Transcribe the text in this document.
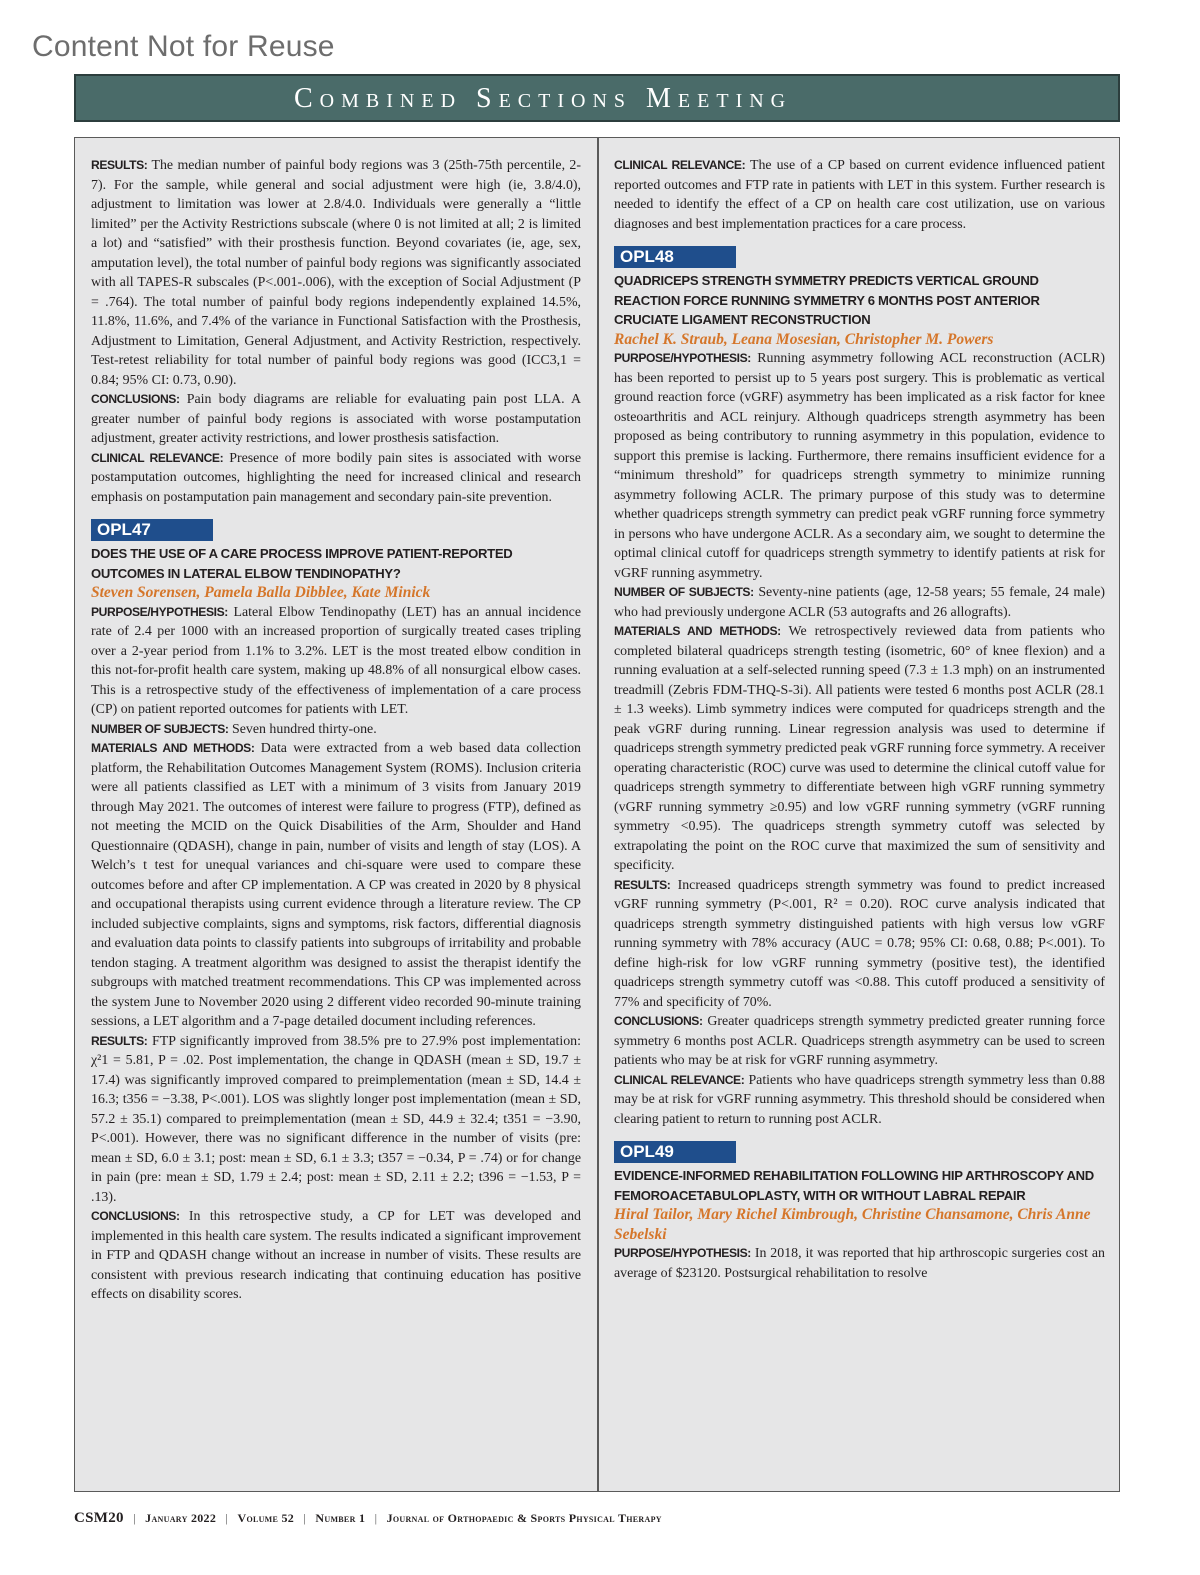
Content Not for Reuse
Combined Sections Meeting

RESULTS: The median number of painful body regions was 3 (25th-75th percentile, 2-7). For the sample, while general and social adjustment were high (ie, 3.8/4.0), adjustment to limitation was lower at 2.8/4.0. Individuals were generally a “little limited” per the Activity Restrictions subscale (where 0 is not limited at all; 2 is limited a lot) and “satisfied” with their prosthesis function. Beyond covariates (ie, age, sex, amputation level), the total number of painful body regions was significantly associated with all TAPES-R subscales (P<.001-.006), with the exception of Social Adjustment (P = .764). The total number of painful body regions independently explained 14.5%, 11.8%, 11.6%, and 7.4% of the variance in Functional Satisfaction with the Prosthesis, Adjustment to Limitation, General Adjustment, and Activity Restriction, respectively. Test-retest reliability for total number of painful body regions was good (ICC3,1 = 0.84; 95% CI: 0.73, 0.90).

CONCLUSIONS: Pain body diagrams are reliable for evaluating pain post LLA. A greater number of painful body regions is associated with worse postamputation adjustment, greater activity restrictions, and lower prosthesis satisfaction.

CLINICAL RELEVANCE: Presence of more bodily pain sites is associated with worse postamputation outcomes, highlighting the need for increased clinical and research emphasis on postamputation pain management and secondary pain-site prevention.

OPL47
DOES THE USE OF A CARE PROCESS IMPROVE PATIENT-REPORTED OUTCOMES IN LATERAL ELBOW TENDINOPATHY?
Steven Sorensen, Pamela Balla Dibblee, Kate Minick

PURPOSE/HYPOTHESIS: Lateral Elbow Tendinopathy (LET) has an annual incidence rate of 2.4 per 1000 with an increased proportion of surgically treated cases tripling over a 2-year period from 1.1% to 3.2%. LET is the most treated elbow condition in this not-for-profit health care system, making up 48.8% of all nonsurgical elbow cases. This is a retrospective study of the effectiveness of implementation of a care process (CP) on patient reported outcomes for patients with LET.

NUMBER OF SUBJECTS: Seven hundred thirty-one.

MATERIALS AND METHODS: Data were extracted from a web based data collection platform, the Rehabilitation Outcomes Management System (ROMS). Inclusion criteria were all patients classified as LET with a minimum of 3 visits from January 2019 through May 2021. The outcomes of interest were failure to progress (FTP), defined as not meeting the MCID on the Quick Disabilities of the Arm, Shoulder and Hand Questionnaire (QDASH), change in pain, number of visits and length of stay (LOS). A Welch’s t test for unequal variances and chi-square were used to compare these outcomes before and after CP implementation. A CP was created in 2020 by 8 physical and occupational therapists using current evidence through a literature review. The CP included subjective complaints, signs and symptoms, risk factors, differential diagnosis and evaluation data points to classify patients into subgroups of irritability and probable tendon staging. A treatment algorithm was designed to assist the therapist identify the subgroups with matched treatment recommendations. This CP was implemented across the system June to November 2020 using 2 different video recorded 90-minute training sessions, a LET algorithm and a 7-page detailed document including references.

RESULTS: FTP significantly improved from 38.5% pre to 27.9% post implementation: χ²1 = 5.81, P = .02. Post implementation, the change in QDASH (mean ± SD, 19.7 ± 17.4) was significantly improved compared to preimplementation (mean ± SD, 14.4 ± 16.3; t356 = −3.38, P<.001). LOS was slightly longer post implementation (mean ± SD, 57.2 ± 35.1) compared to preimplementation (mean ± SD, 44.9 ± 32.4; t351 = −3.90, P<.001). However, there was no significant difference in the number of visits (pre: mean ± SD, 6.0 ± 3.1; post: mean ± SD, 6.1 ± 3.3; t357 = −0.34, P = .74) or for change in pain (pre: mean ± SD, 1.79 ± 2.4; post: mean ± SD, 2.11 ± 2.2; t396 = −1.53, P = .13).

CONCLUSIONS: In this retrospective study, a CP for LET was developed and implemented in this health care system. The results indicated a significant improvement in FTP and QDASH change without an increase in number of visits. These results are consistent with previous research indicating that continuing education has positive effects on disability scores.

CLINICAL RELEVANCE: The use of a CP based on current evidence influenced patient reported outcomes and FTP rate in patients with LET in this system. Further research is needed to identify the effect of a CP on health care cost utilization, use on various diagnoses and best implementation practices for a care process.

OPL48
QUADRICEPS STRENGTH SYMMETRY PREDICTS VERTICAL GROUND REACTION FORCE RUNNING SYMMETRY 6 MONTHS POST ANTERIOR CRUCIATE LIGAMENT RECONSTRUCTION
Rachel K. Straub, Leana Mosesian, Christopher M. Powers

PURPOSE/HYPOTHESIS: Running asymmetry following ACL reconstruction (ACLR) has been reported to persist up to 5 years post surgery. This is problematic as vertical ground reaction force (vGRF) asymmetry has been implicated as a risk factor for knee osteoarthritis and ACL reinjury. Although quadriceps strength asymmetry has been proposed as being contributory to running asymmetry in this population, evidence to support this premise is lacking. Furthermore, there remains insufficient evidence for a “minimum threshold” for quadriceps strength symmetry to minimize running asymmetry following ACLR. The primary purpose of this study was to determine whether quadriceps strength symmetry can predict peak vGRF running force symmetry in persons who have undergone ACLR. As a secondary aim, we sought to determine the optimal clinical cutoff for quadriceps strength symmetry to identify patients at risk for vGRF running asymmetry.

NUMBER OF SUBJECTS: Seventy-nine patients (age, 12-58 years; 55 female, 24 male) who had previously undergone ACLR (53 autografts and 26 allografts).

MATERIALS AND METHODS: We retrospectively reviewed data from patients who completed bilateral quadriceps strength testing (isometric, 60° of knee flexion) and a running evaluation at a self-selected running speed (7.3 ± 1.3 mph) on an instrumented treadmill (Zebris FDM-THQ-S-3i). All patients were tested 6 months post ACLR (28.1 ± 1.3 weeks). Limb symmetry indices were computed for quadriceps strength and the peak vGRF during running. Linear regression analysis was used to determine if quadriceps strength symmetry predicted peak vGRF running force symmetry. A receiver operating characteristic (ROC) curve was used to determine the clinical cutoff value for quadriceps strength symmetry to differentiate between high vGRF running symmetry (vGRF running symmetry ≥0.95) and low vGRF running symmetry (vGRF running symmetry <0.95). The quadriceps strength symmetry cutoff was selected by extrapolating the point on the ROC curve that maximized the sum of sensitivity and specificity.

RESULTS: Increased quadriceps strength symmetry was found to predict increased vGRF running symmetry (P<.001, R² = 0.20). ROC curve analysis indicated that quadriceps strength symmetry distinguished patients with high versus low vGRF running symmetry with 78% accuracy (AUC = 0.78; 95% CI: 0.68, 0.88; P<.001). To define high-risk for low vGRF running symmetry (positive test), the identified quadriceps strength symmetry cutoff was <0.88. This cutoff produced a sensitivity of 77% and specificity of 70%.

CONCLUSIONS: Greater quadriceps strength symmetry predicted greater running force symmetry 6 months post ACLR. Quadriceps strength asymmetry can be used to screen patients who may be at risk for vGRF running asymmetry.

CLINICAL RELEVANCE: Patients who have quadriceps strength symmetry less than 0.88 may be at risk for vGRF running asymmetry. This threshold should be considered when clearing patient to return to running post ACLR.

OPL49
EVIDENCE-INFORMED REHABILITATION FOLLOWING HIP ARTHROSCOPY AND FEMOROACETABULOPLASTY, WITH OR WITHOUT LABRAL REPAIR
Hiral Tailor, Mary Richel Kimbrough, Christine Chansamone, Chris Anne Sebelski

PURPOSE/HYPOTHESIS: In 2018, it was reported that hip arthroscopic surgeries cost an average of $23120. Postsurgical rehabilitation to resolve

CSM20 | January 2022 | Volume 52 | Number 1 | Journal of Orthopaedic & Sports Physical Therapy
